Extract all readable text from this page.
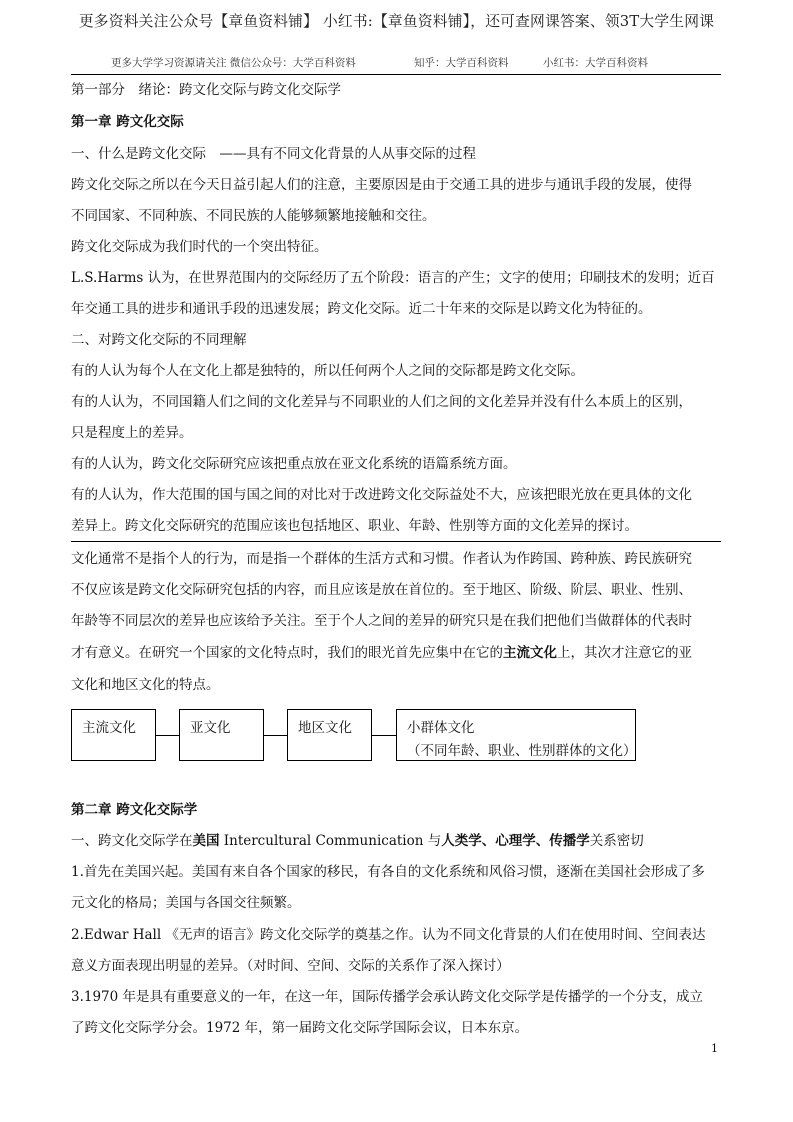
更多资料关注公众号【章鱼资料铺】 小红书:【章鱼资料铺】，还可查网课答案、领3T大学生网课
更多大学学习资源请关注 微信公众号：大学百科资料	知乎：大学百科资料	小红书：大学百科资料
第一部分　绪论：跨文化交际与跨文化交际学
第一章 跨文化交际
一、什么是跨文化交际　——具有不同文化背景的人从事交际的过程
跨文化交际之所以在今天日益引起人们的注意，主要原因是由于交通工具的进步与通讯手段的发展，使得
不同国家、不同种族、不同民族的人能够频繁地接触和交往。
跨文化交际成为我们时代的一个突出特征。
L.S.Harms 认为，在世界范围内的交际经历了五个阶段：语言的产生；文字的使用；印刷技术的发明；近百
年交通工具的进步和通讯手段的迅速发展；跨文化交际。近二十年来的交际是以跨文化为特征的。
二、对跨文化交际的不同理解
有的人认为每个人在文化上都是独特的，所以任何两个人之间的交际都是跨文化交际。
有的人认为，不同国籍人们之间的文化差异与不同职业的人们之间的文化差异并没有什么本质上的区别，
只是程度上的差异。
有的人认为，跨文化交际研究应该把重点放在亚文化系统的语篇系统方面。
有的人认为，作大范围的国与国之间的对比对于改进跨文化交际益处不大，应该把眼光放在更具体的文化
差异上。跨文化交际研究的范围应该也包括地区、职业、年龄、性别等方面的文化差异的探讨。
文化通常不是指个人的行为，而是指一个群体的生活方式和习惯。作者认为作跨国、跨种族、跨民族研究
不仅应该是跨文化交际研究包括的内容，而且应该是放在首位的。至于地区、阶级、阶层、职业、性别、
年龄等不同层次的差异也应该给予关注。至于个人之间的差异的研究只是在我们把他们当做群体的代表时
才有意义。在研究一个国家的文化特点时，我们的眼光首先应集中在它的主流文化上，其次才注意它的亚
文化和地区文化的特点。
主流文化	亚文化	地区文化	小群体文化
（不同年龄、职业、性别群体的文化）
第二章 跨文化交际学
一、跨文化交际学在美国 Intercultural Communication 与人类学、心理学、传播学关系密切
1.首先在美国兴起。美国有来自各个国家的移民，有各自的文化系统和风俗习惯，逐渐在美国社会形成了多
元文化的格局；美国与各国交往频繁。
2.Edwar Hall 《无声的语言》跨文化交际学的奠基之作。认为不同文化背景的人们在使用时间、空间表达
意义方面表现出明显的差异。（对时间、空间、交际的关系作了深入探讨）
3.1970 年是具有重要意义的一年，在这一年，国际传播学会承认跨文化交际学是传播学的一个分支，成立
了跨文化交际学分会。1972 年，第一届跨文化交际学国际会议，日本东京。
1
